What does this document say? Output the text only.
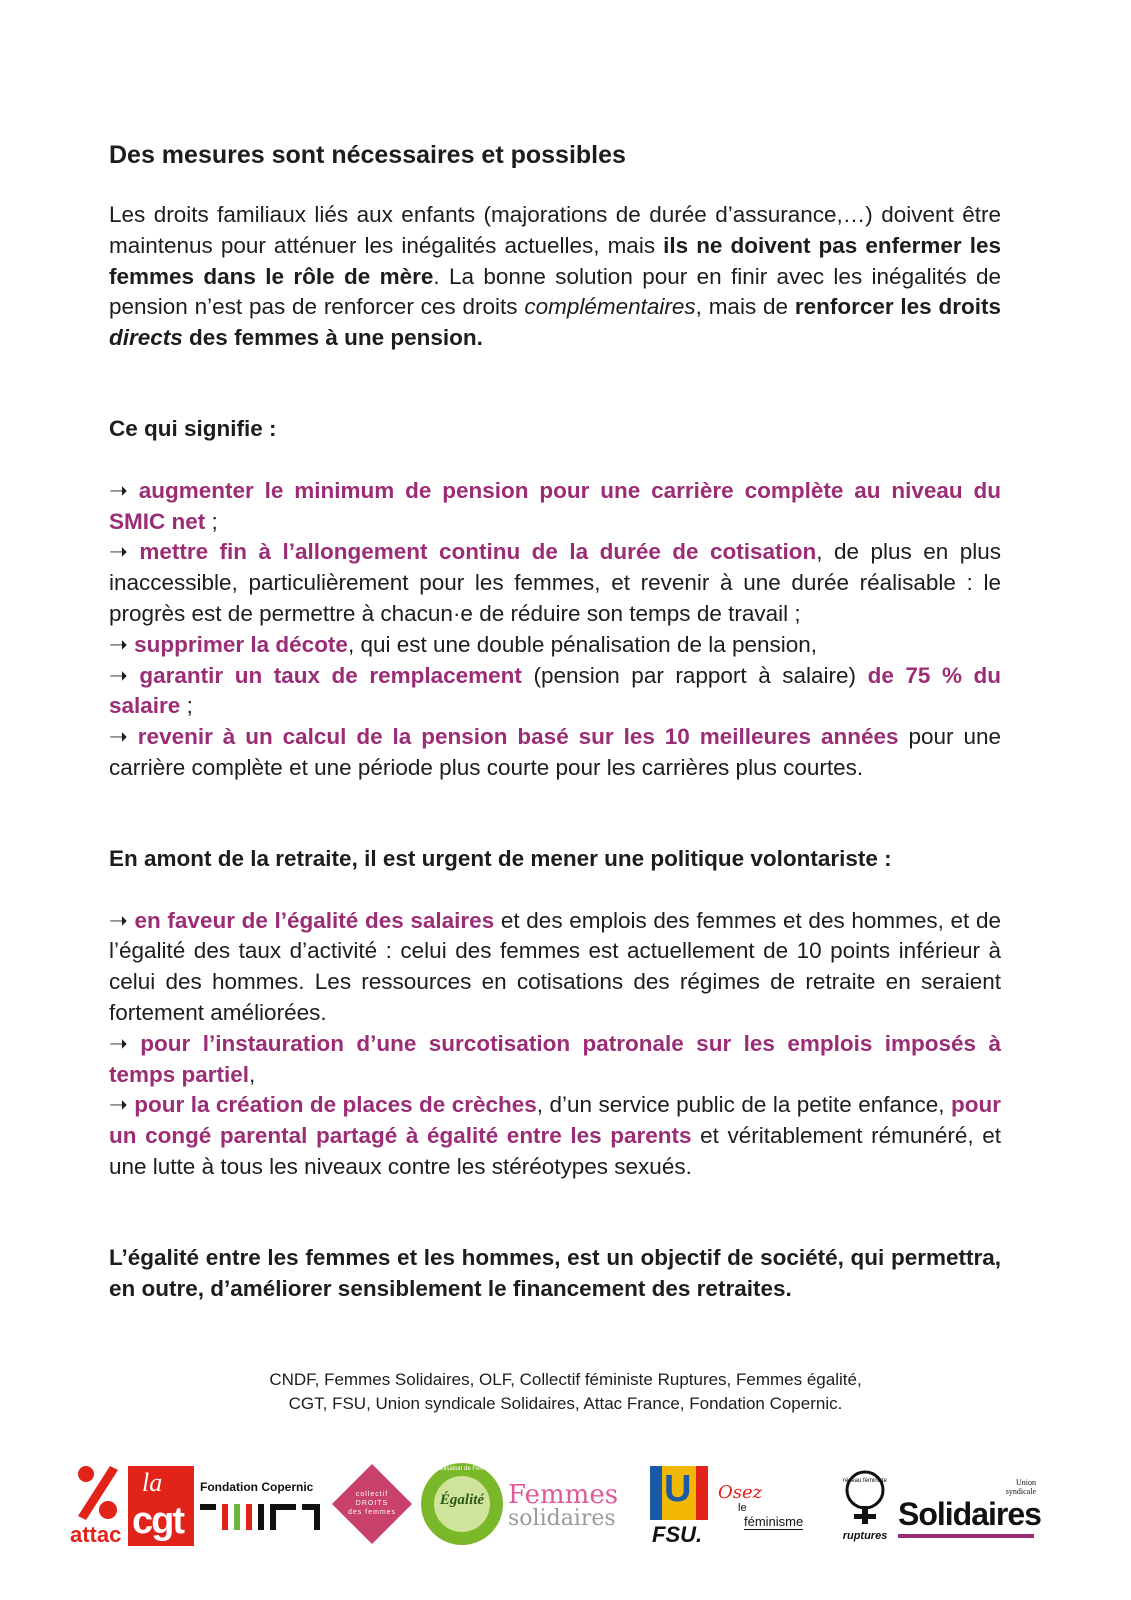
Des mesures sont nécessaires et possibles

Les droits familiaux liés aux enfants (majorations de durée d’assurance,…) doivent être maintenus pour atténuer les inégalités actuelles, mais ils ne doivent pas enfermer les femmes dans le rôle de mère. La bonne solution pour en finir avec les inégalités de pension n’est pas de renforcer ces droits complémentaires, mais de renforcer les droits directs des femmes à une pension.

Ce qui signifie :

➝ augmenter le minimum de pension pour une carrière complète au niveau du SMIC net ;

➝ mettre fin à l’allongement continu de la durée de cotisation, de plus en plus inaccessible, particulièrement pour les femmes, et revenir à une durée réalisable : le progrès est de permettre à chacun·e de réduire son temps de travail ;

➝ supprimer la décote, qui est une double pénalisation de la pension,

➝ garantir un taux de remplacement (pension par rapport à salaire) de 75 % du salaire ;

➝ revenir à un calcul de la pension basé sur les 10 meilleures années pour une carrière complète et une période plus courte pour les carrières plus courtes.

En amont de la retraite, il est urgent de mener une politique volontariste :

➝ en faveur de l’égalité des salaires et des emplois des femmes et des hommes, et de l’égalité des taux d’activité : celui des femmes est actuellement de 10 points inférieur à celui des hommes. Les ressources en cotisations des régimes de retraite en seraient fortement améliorées.

➝ pour l’instauration d’une surcotisation patronale sur les emplois imposés à temps partiel,

➝ pour la création de places de crèches, d’un service public de la petite enfance, pour un congé parental partagé à égalité entre les parents et véritablement rémunéré, et une lutte à tous les niveaux contre les stéréotypes sexués.

L’égalité entre les femmes et les hommes, est un objectif de société, qui permettra, en outre, d’améliorer sensiblement le financement des retraites.

CNDF, Femmes Solidaires, OLF, Collectif féministe Ruptures, Femmes égalité,
CGT, FSU, Union syndicale Solidaires, Attac France, Fondation Copernic.
attac
la
cgt
Fondation Copernic
collectif
DROITS
des femmes
Égalité
Organisation de Femmes
Femmes
solidaires
U
FSU.
Osez
le
féminisme
réseau féministe
ruptures
Union
syndicale
Solidaires
